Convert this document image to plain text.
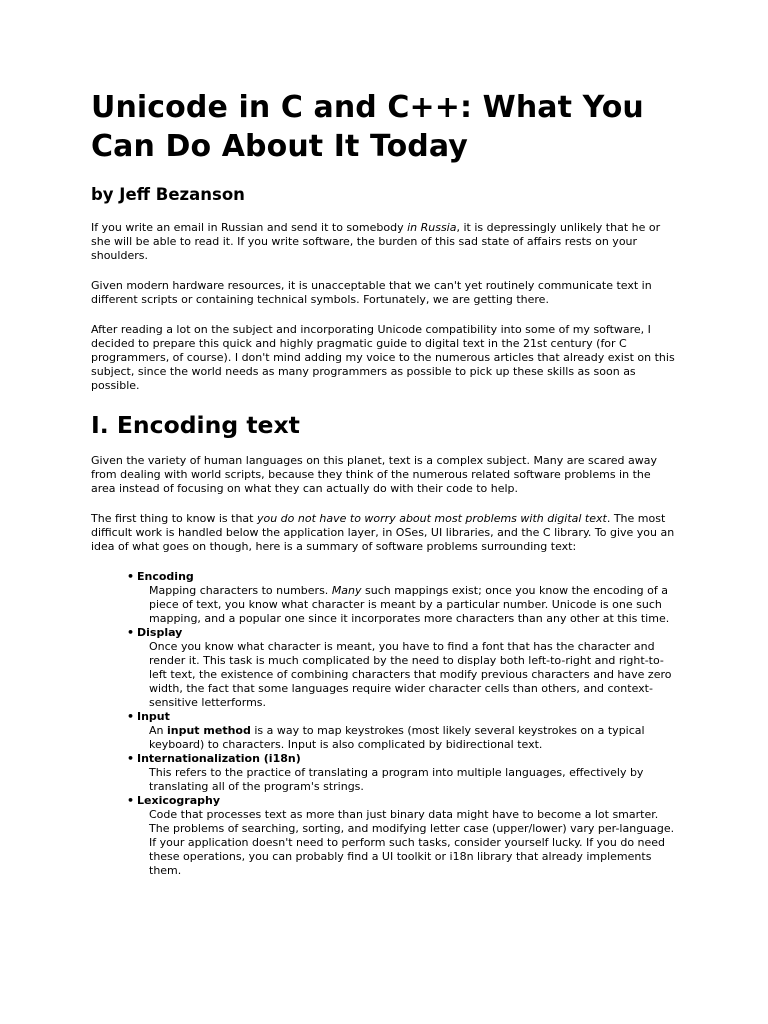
Unicode in C and C++: What You Can Do About It Today
by Jeff Bezanson

If you write an email in Russian and send it to somebody in Russia, it is depressingly unlikely that he or she will be able to read it. If you write software, the burden of this sad state of affairs rests on your shoulders.

Given modern hardware resources, it is unacceptable that we can't yet routinely communicate text in different scripts or containing technical symbols. Fortunately, we are getting there.

After reading a lot on the subject and incorporating Unicode compatibility into some of my software, I decided to prepare this quick and highly pragmatic guide to digital text in the 21st century (for C programmers, of course). I don't mind adding my voice to the numerous articles that already exist on this subject, since the world needs as many programmers as possible to pick up these skills as soon as possible.

I. Encoding text

Given the variety of human languages on this planet, text is a complex subject. Many are scared away from dealing with world scripts, because they think of the numerous related software problems in the area instead of focusing on what they can actually do with their code to help.

The first thing to know is that you do not have to worry about most problems with digital text. The most difficult work is handled below the application layer, in OSes, UI libraries, and the C library. To give you an idea of what goes on though, here is a summary of software problems surrounding text:

• Encoding
Mapping characters to numbers. Many such mappings exist; once you know the encoding of a piece of text, you know what character is meant by a particular number. Unicode is one such mapping, and a popular one since it incorporates more characters than any other at this time.
• Display
Once you know what character is meant, you have to find a font that has the character and render it. This task is much complicated by the need to display both left-to-right and right-to-left text, the existence of combining characters that modify previous characters and have zero width, the fact that some languages require wider character cells than others, and context-sensitive letterforms.
• Input
An input method is a way to map keystrokes (most likely several keystrokes on a typical keyboard) to characters. Input is also complicated by bidirectional text.
• Internationalization (i18n)
This refers to the practice of translating a program into multiple languages, effectively by translating all of the program's strings.
• Lexicography
Code that processes text as more than just binary data might have to become a lot smarter. The problems of searching, sorting, and modifying letter case (upper/lower) vary per-language. If your application doesn't need to perform such tasks, consider yourself lucky. If you do need these operations, you can probably find a UI toolkit or i18n library that already implements them.
